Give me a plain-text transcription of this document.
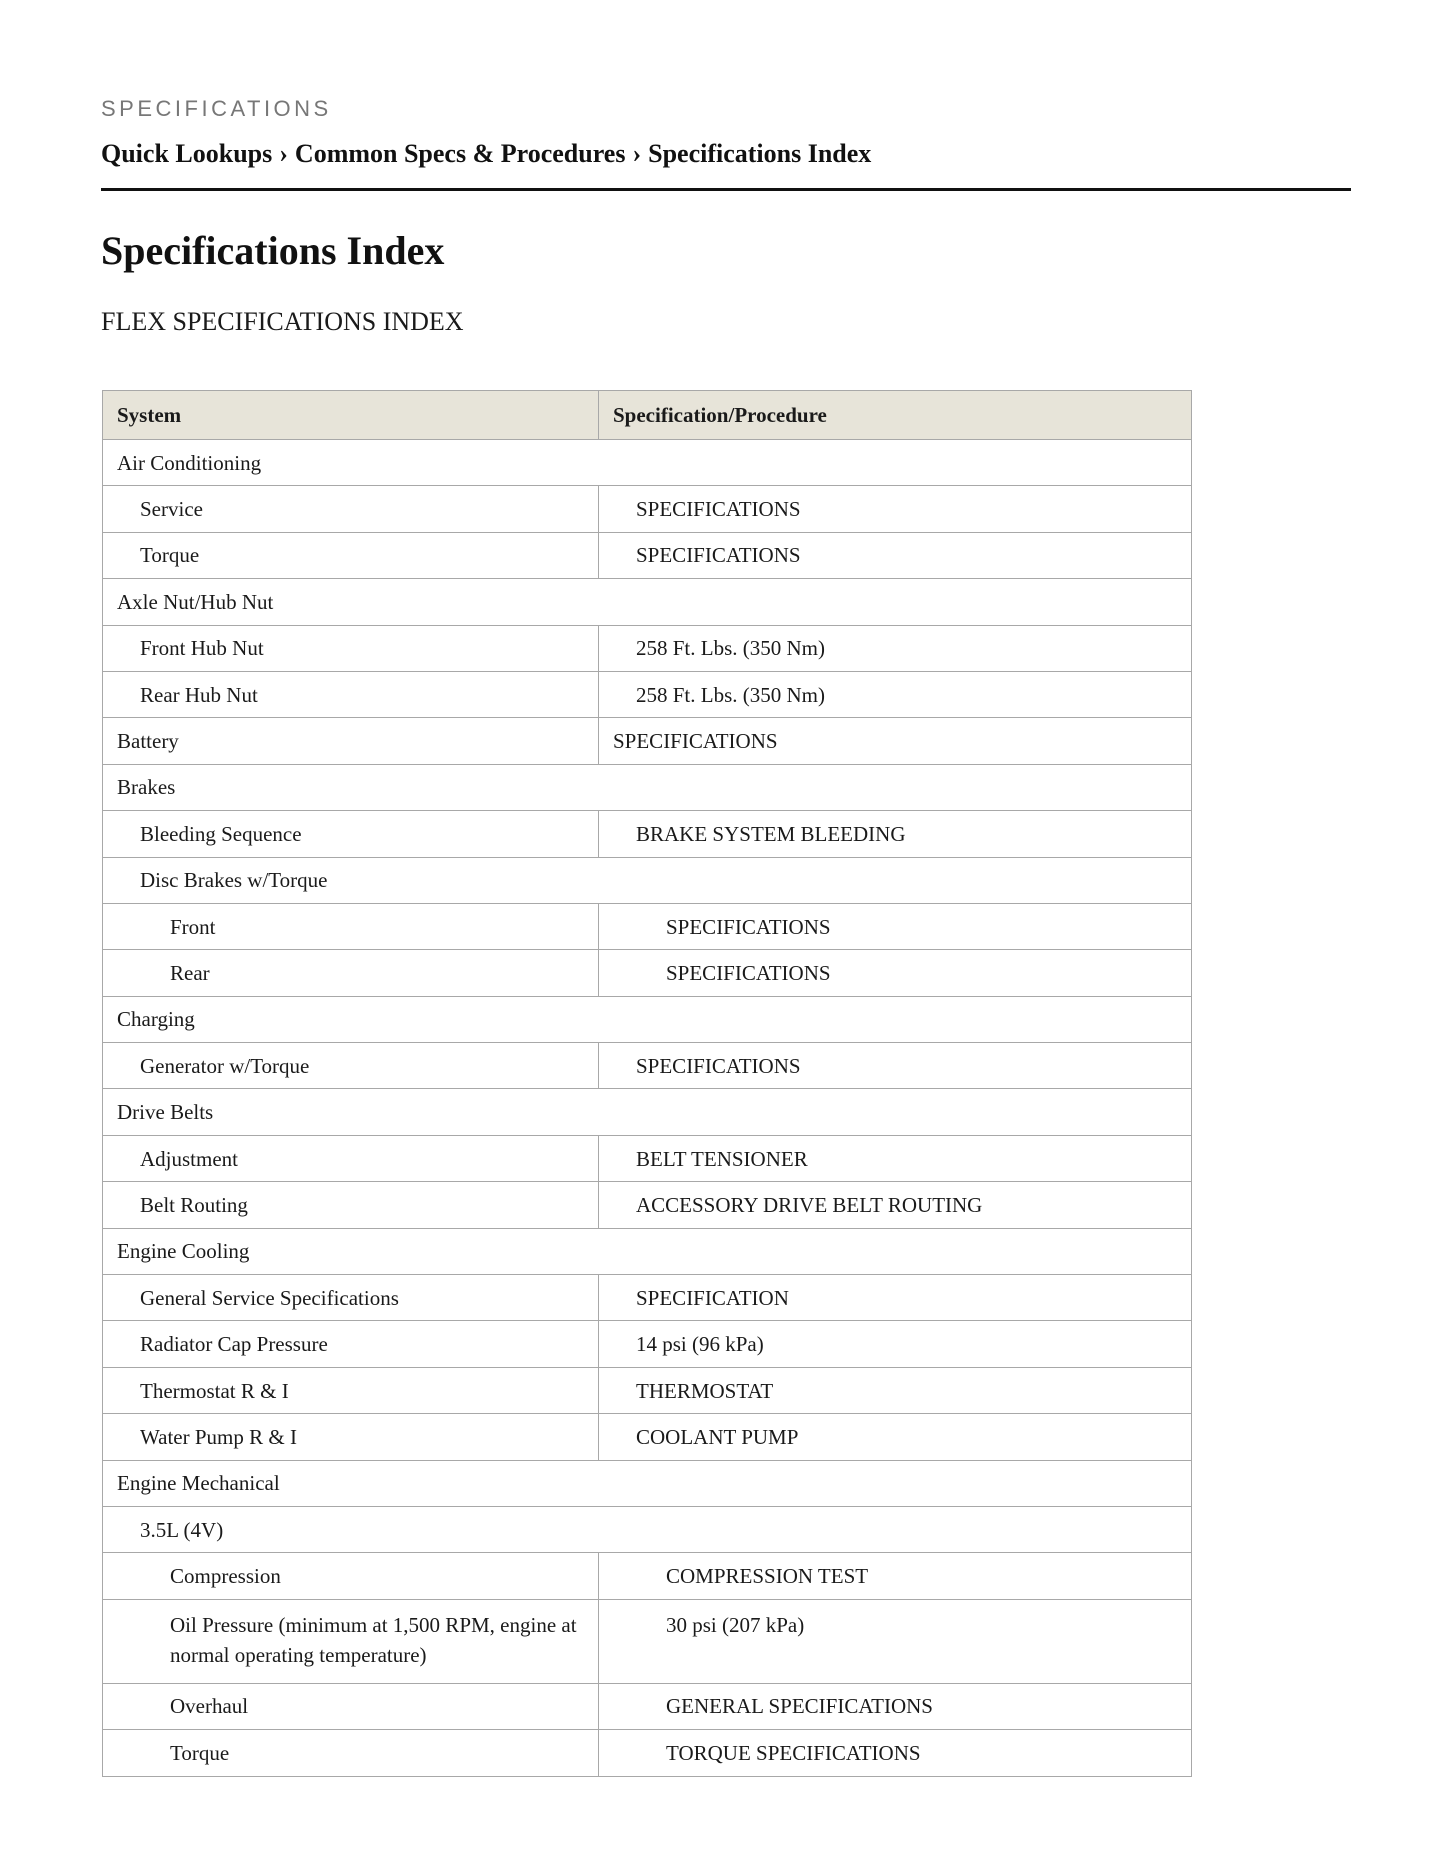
SPECIFICATIONS
Quick Lookups › Common Specs & Procedures › Specifications Index
Specifications Index
FLEX SPECIFICATIONS INDEX
System	Specification/Procedure
Air Conditioning	
Service	SPECIFICATIONS
Torque	SPECIFICATIONS
Axle Nut/Hub Nut	
Front Hub Nut	258 Ft. Lbs. (350 Nm)
Rear Hub Nut	258 Ft. Lbs. (350 Nm)
Battery	SPECIFICATIONS
Brakes	
Bleeding Sequence	BRAKE SYSTEM BLEEDING
Disc Brakes w/Torque	
Front	SPECIFICATIONS
Rear	SPECIFICATIONS
Charging	
Generator w/Torque	SPECIFICATIONS
Drive Belts	
Adjustment	BELT TENSIONER
Belt Routing	ACCESSORY DRIVE BELT ROUTING
Engine Cooling	
General Service Specifications	SPECIFICATION
Radiator Cap Pressure	14 psi (96 kPa)
Thermostat R & I	THERMOSTAT
Water Pump R & I	COOLANT PUMP
Engine Mechanical	
3.5L (4V)	
Compression	COMPRESSION TEST
Oil Pressure (minimum at 1,500 RPM, engine at normal operating temperature)	30 psi (207 kPa)
Overhaul	GENERAL SPECIFICATIONS
Torque	TORQUE SPECIFICATIONS
